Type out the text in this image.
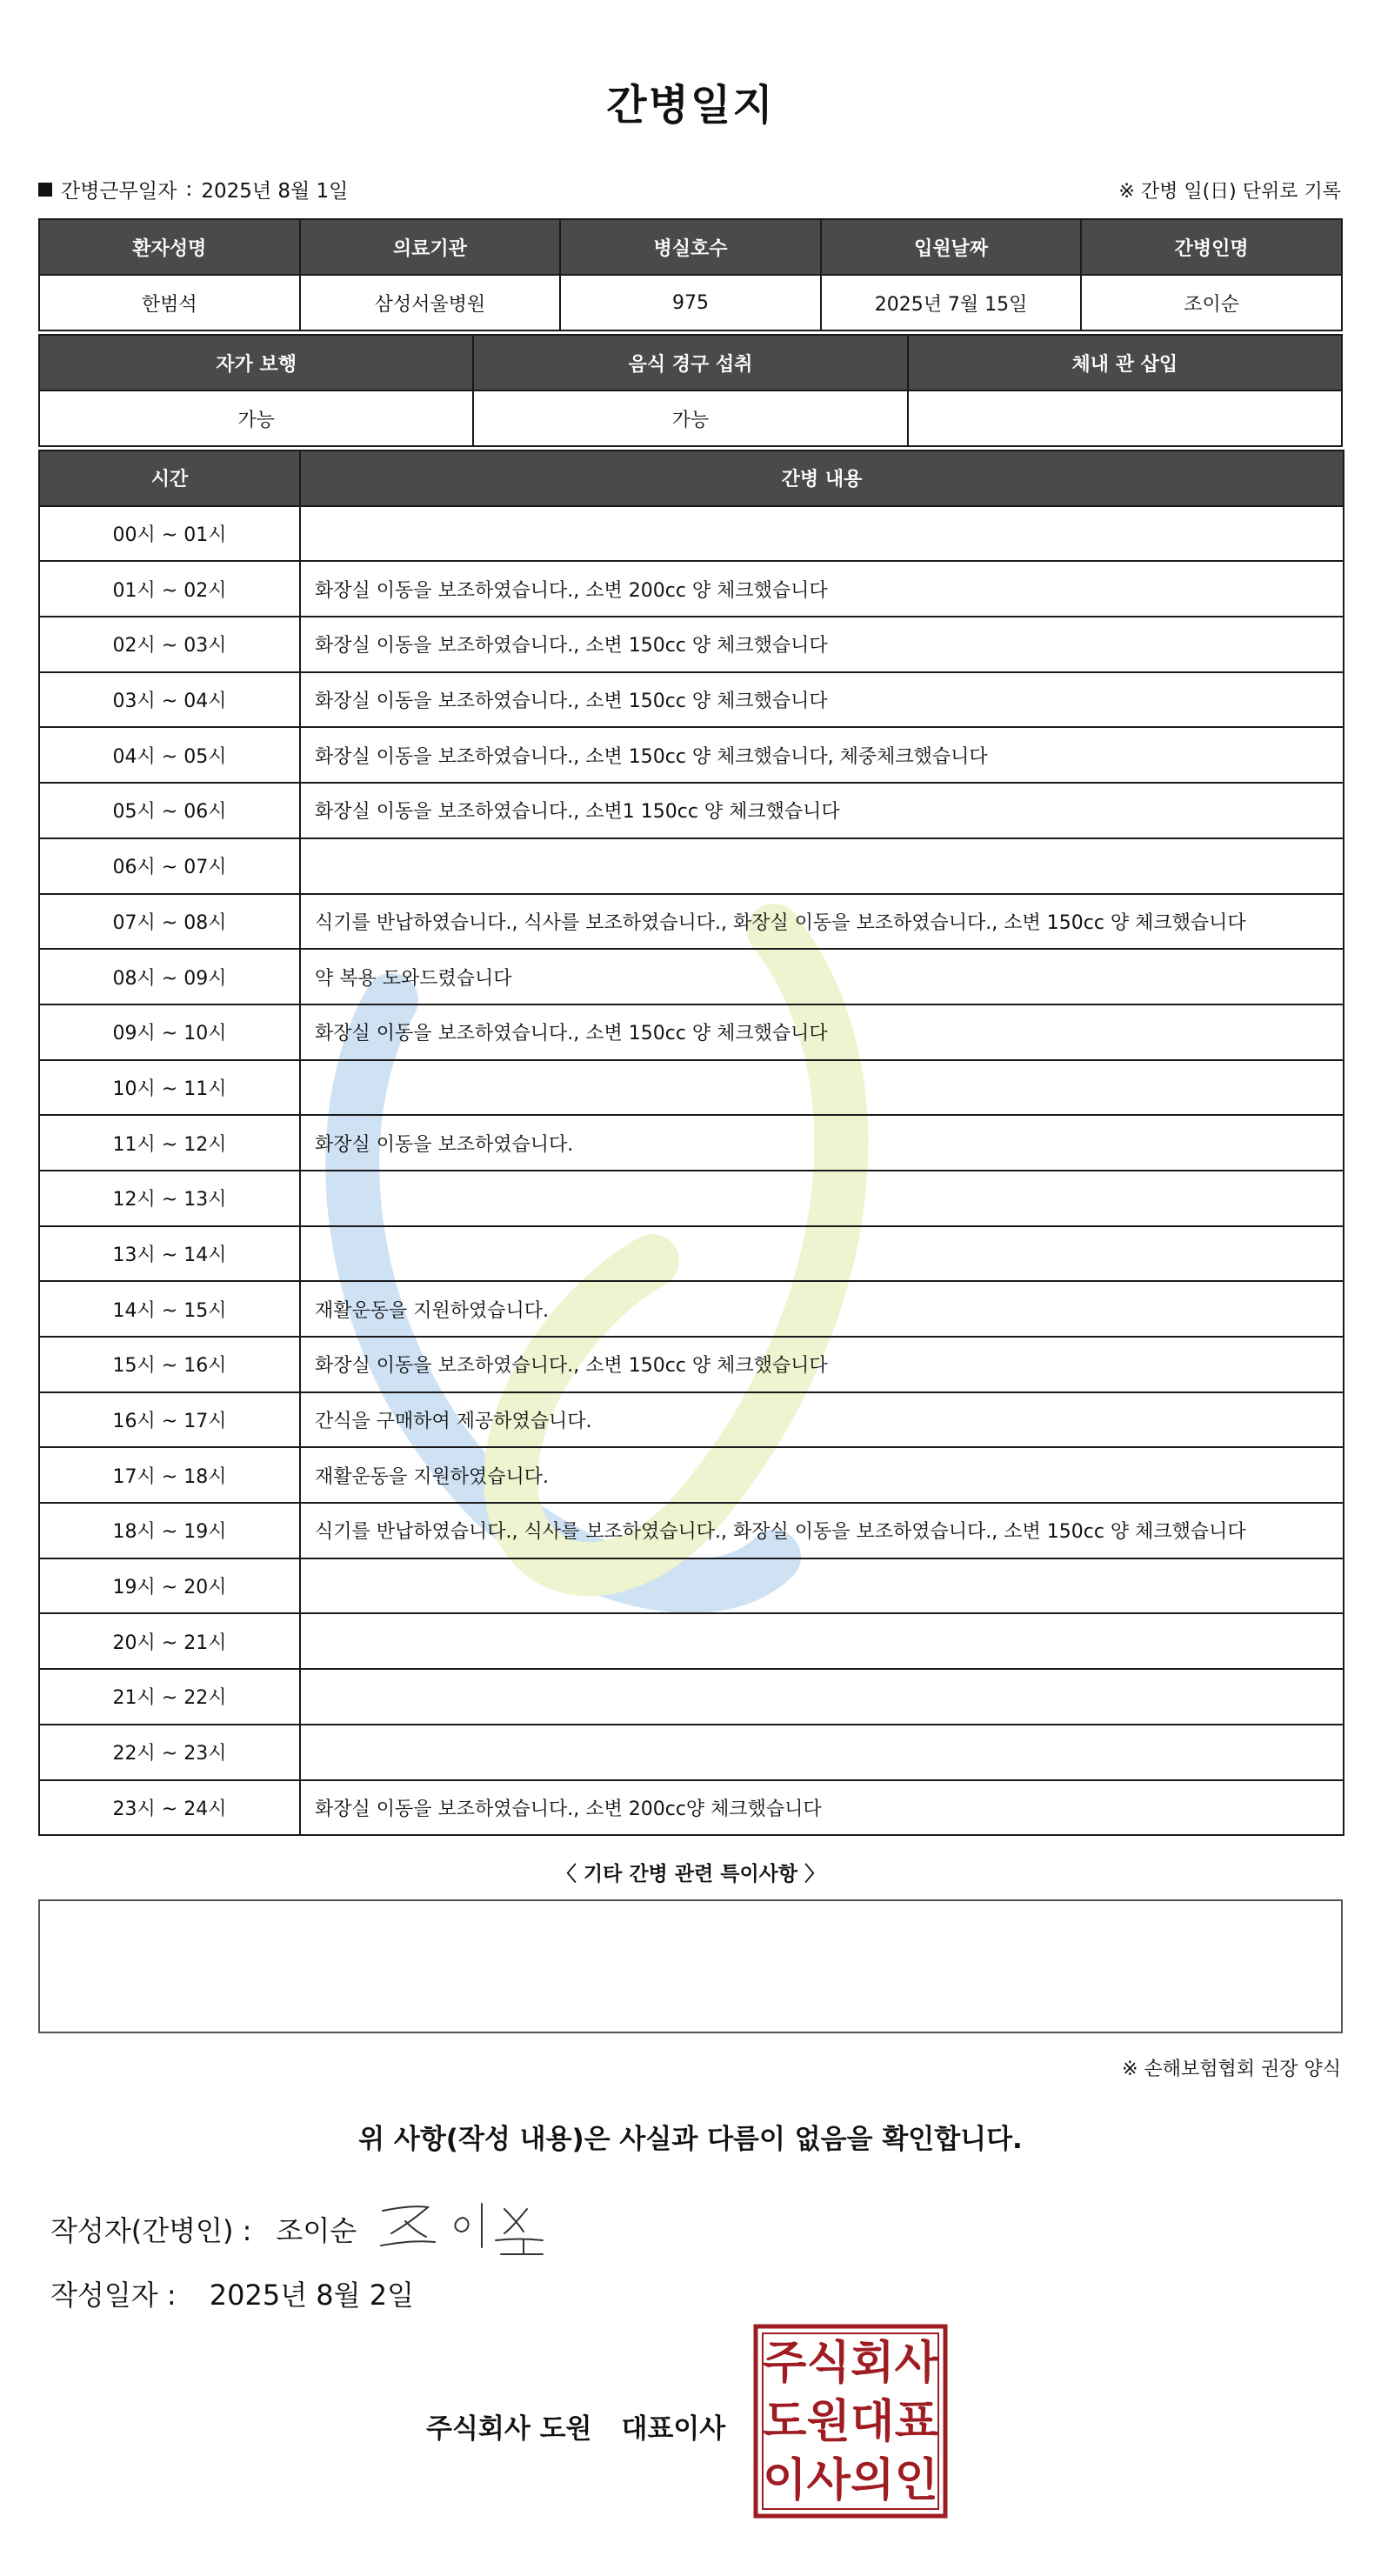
간병일지
간병근무일자 : 2025년 8월 1일	※ 간병 일(日) 단위로 기록
환자성명	의료기관	병실호수	입원날짜	간병인명
한범석	삼성서울병원	975	2025년 7월 15일	조이순
자가 보행	음식 경구 섭취	체내 관 삽입
가능	가능	
시간	간병 내용
00시 ~ 01시	
01시 ~ 02시	화장실 이동을 보조하였습니다., 소변 200cc 양 체크했습니다
02시 ~ 03시	화장실 이동을 보조하였습니다., 소변 150cc 양 체크했습니다
03시 ~ 04시	화장실 이동을 보조하였습니다., 소변 150cc 양 체크했습니다
04시 ~ 05시	화장실 이동을 보조하였습니다., 소변 150cc 양 체크했습니다, 체중체크했습니다
05시 ~ 06시	화장실 이동을 보조하였습니다., 소변1 150cc 양 체크했습니다
06시 ~ 07시	
07시 ~ 08시	식기를 반납하였습니다., 식사를 보조하였습니다., 화장실 이동을 보조하였습니다., 소변 150cc 양 체크했습니다
08시 ~ 09시	약 복용 도와드렸습니다
09시 ~ 10시	화장실 이동을 보조하였습니다., 소변 150cc 양 체크했습니다
10시 ~ 11시	
11시 ~ 12시	화장실 이동을 보조하였습니다.
12시 ~ 13시	
13시 ~ 14시	
14시 ~ 15시	재활운동을 지원하였습니다.
15시 ~ 16시	화장실 이동을 보조하였습니다., 소변 150cc 양 체크했습니다
16시 ~ 17시	간식을 구매하여 제공하였습니다.
17시 ~ 18시	재활운동을 지원하였습니다.
18시 ~ 19시	식기를 반납하였습니다., 식사를 보조하였습니다., 화장실 이동을 보조하였습니다., 소변 150cc 양 체크했습니다
19시 ~ 20시	
20시 ~ 21시	
21시 ~ 22시	
22시 ~ 23시	
23시 ~ 24시	화장실 이동을 보조하였습니다., 소변 200cc양 체크했습니다
〈 기타 간병 관련 특이사항 〉
※ 손해보험협회 권장 양식
위 사항(작성 내용)은 사실과 다름이 없음을 확인합니다.
작성자(간병인) : 조이순
작성일자 : 2025년 8월 2일
주식회사 도원 대표이사
주 식 회 사
도 원 대 표
이 사 의 인
